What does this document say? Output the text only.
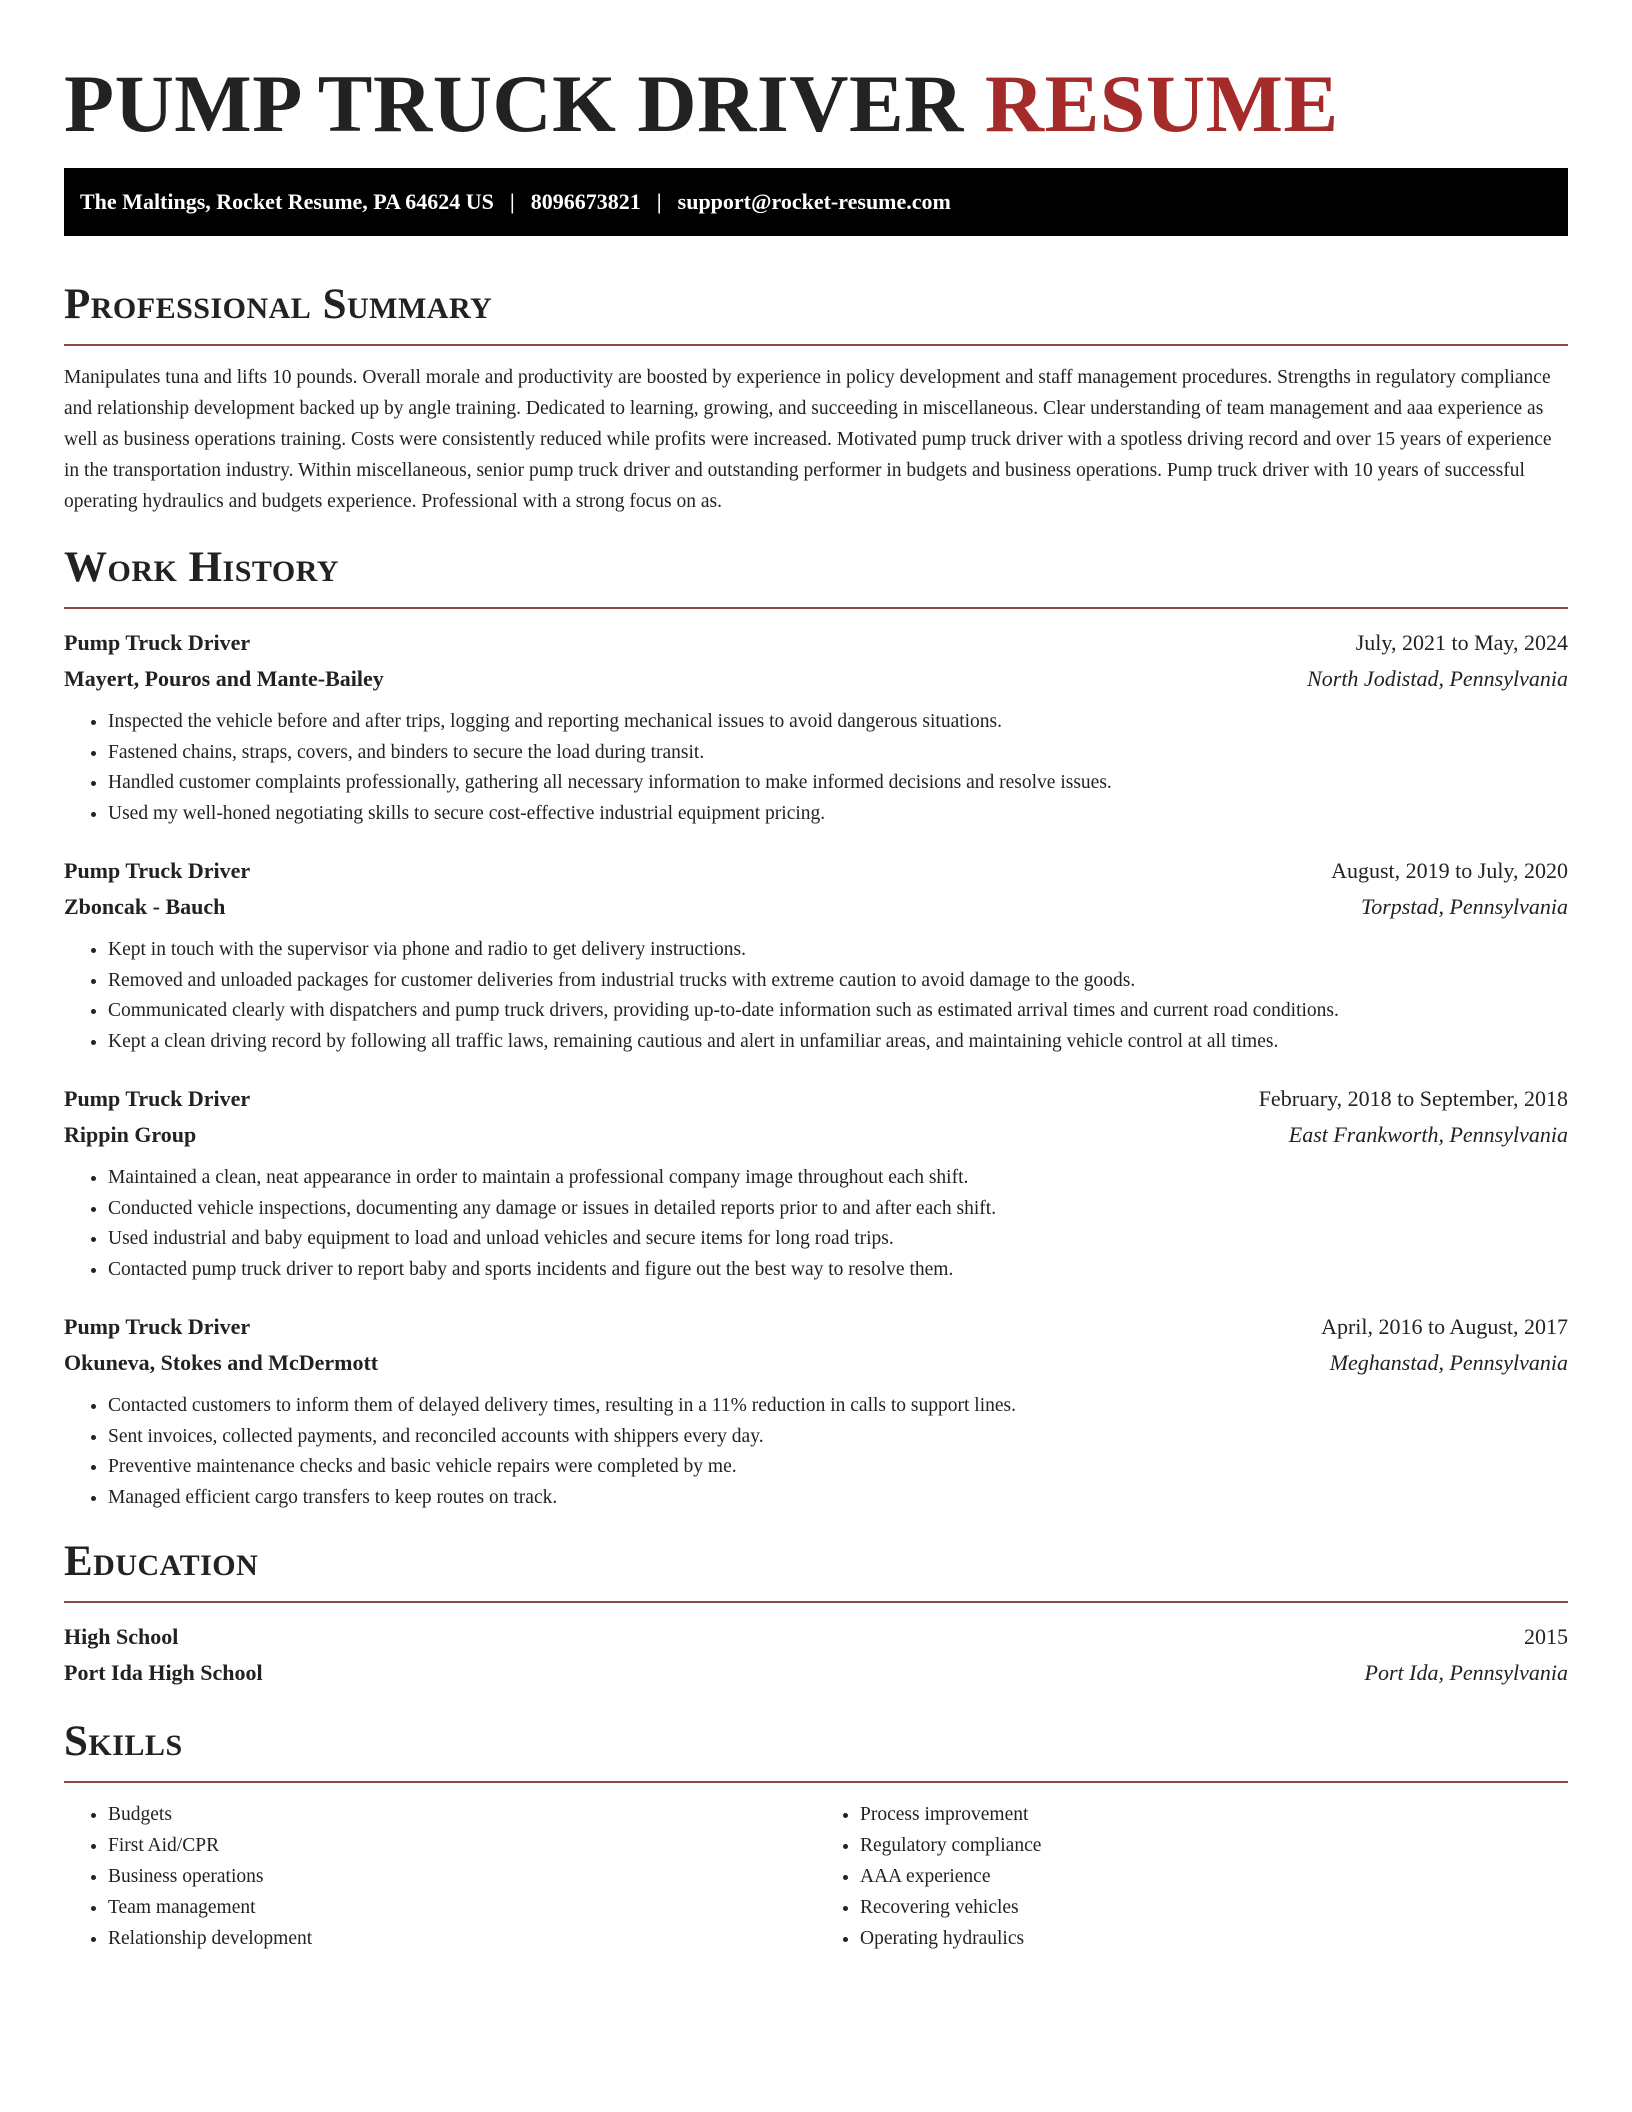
PUMP TRUCK DRIVER RESUME
The Maltings, Rocket Resume, PA 64624 US | 8096673821 | support@rocket-resume.com
Professional Summary

Manipulates tuna and lifts 10 pounds. Overall morale and productivity are boosted by experience in policy development and staff management procedures. Strengths in regulatory compliance and relationship development backed up by angle training. Dedicated to learning, growing, and succeeding in miscellaneous. Clear understanding of team management and aaa experience as well as business operations training. Costs were consistently reduced while profits were increased. Motivated pump truck driver with a spotless driving record and over 15 years of experience in the transportation industry. Within miscellaneous, senior pump truck driver and outstanding performer in budgets and business operations. Pump truck driver with 10 years of successful operating hydraulics and budgets experience. Professional with a strong focus on as.

Work History
Pump Truck Driver	July, 2021 to May, 2024
Mayert, Pouros and Mante-Bailey	North Jodistad, Pennsylvania
• Inspected the vehicle before and after trips, logging and reporting mechanical issues to avoid dangerous situations.
• Fastened chains, straps, covers, and binders to secure the load during transit.
• Handled customer complaints professionally, gathering all necessary information to make informed decisions and resolve issues.
• Used my well-honed negotiating skills to secure cost-effective industrial equipment pricing.
Pump Truck Driver	August, 2019 to July, 2020
Zboncak - Bauch	Torpstad, Pennsylvania
• Kept in touch with the supervisor via phone and radio to get delivery instructions.
• Removed and unloaded packages for customer deliveries from industrial trucks with extreme caution to avoid damage to the goods.
• Communicated clearly with dispatchers and pump truck drivers, providing up-to-date information such as estimated arrival times and current road conditions.
• Kept a clean driving record by following all traffic laws, remaining cautious and alert in unfamiliar areas, and maintaining vehicle control at all times.
Pump Truck Driver	February, 2018 to September, 2018
Rippin Group	East Frankworth, Pennsylvania
• Maintained a clean, neat appearance in order to maintain a professional company image throughout each shift.
• Conducted vehicle inspections, documenting any damage or issues in detailed reports prior to and after each shift.
• Used industrial and baby equipment to load and unload vehicles and secure items for long road trips.
• Contacted pump truck driver to report baby and sports incidents and figure out the best way to resolve them.
Pump Truck Driver	April, 2016 to August, 2017
Okuneva, Stokes and McDermott	Meghanstad, Pennsylvania
• Contacted customers to inform them of delayed delivery times, resulting in a 11% reduction in calls to support lines.
• Sent invoices, collected payments, and reconciled accounts with shippers every day.
• Preventive maintenance checks and basic vehicle repairs were completed by me.
• Managed efficient cargo transfers to keep routes on track.
Education
High School	2015
Port Ida High School	Port Ida, Pennsylvania
Skills
• Budgets
• First Aid/CPR
• Business operations
• Team management
• Relationship development
• Process improvement
• Regulatory compliance
• AAA experience
• Recovering vehicles
• Operating hydraulics
